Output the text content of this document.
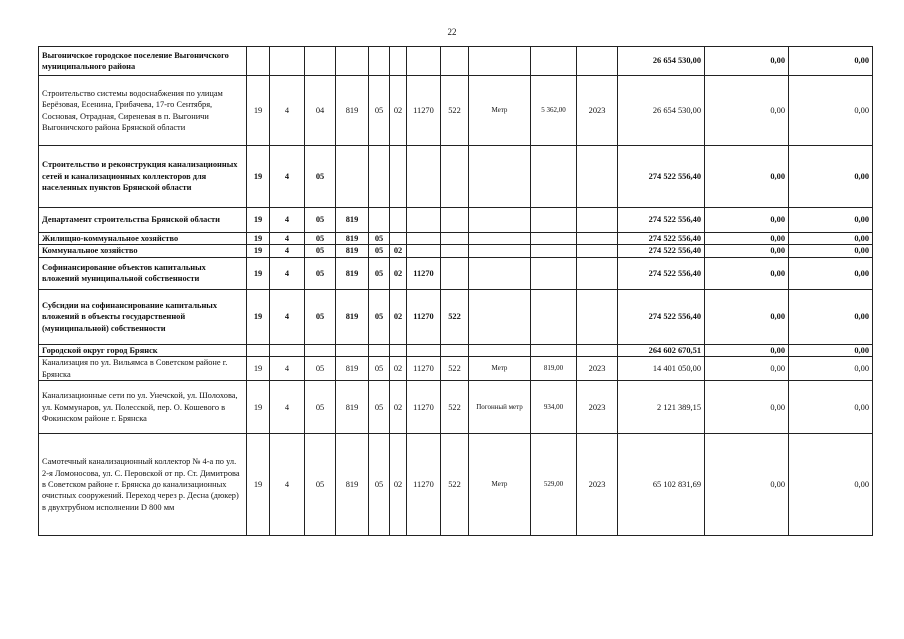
22
Выгоничское городское поселение Выгоничского муниципального района												26 654 530,00	0,00	0,00
Строительство системы водоснабжения по улицам Берёзовая, Есенина, Грибачева, 17-го Сентября, Сосновая, Отрадная, Сиреневая в п. Выгоничи Выгоничского района Брянской области	19	4	04	819	05	02	11270	522	Метр	5 362,00	2023	26 654 530,00	0,00	0,00
Строительство и реконструкция канализационных сетей и канализационных коллекторов для населенных пунктов Брянской области	19	4	05									274 522 556,40	0,00	0,00
Департамент строительства Брянской области	19	4	05	819								274 522 556,40	0,00	0,00
Жилищно-коммунальное хозяйство	19	4	05	819	05							274 522 556,40	0,00	0,00
Коммунальное хозяйство	19	4	05	819	05	02						274 522 556,40	0,00	0,00
Софинансирование объектов капитальных вложений муниципальной собственности	19	4	05	819	05	02	11270					274 522 556,40	0,00	0,00
Субсидии на софинансирование капитальных вложений в объекты государственной (муниципальной) собственности	19	4	05	819	05	02	11270	522				274 522 556,40	0,00	0,00
Городской округ город Брянск												264 602 670,51	0,00	0,00
Канализация по ул. Вильямса в Советском районе г. Брянска	19	4	05	819	05	02	11270	522	Метр	819,00	2023	14 401 050,00	0,00	0,00
Канализационные сети по ул. Унечской, ул. Шолохова, ул. Коммунаров, ул. Полесской, пер. О. Кошевого в Фокинском районе г. Брянска	19	4	05	819	05	02	11270	522	Погонный метр	934,00	2023	2 121 389,15	0,00	0,00
Самотечный канализационный коллектор № 4-а по ул. 2-я Ломоносова, ул. С. Перовской от пр. Ст. Димитрова в Советском районе г. Брянска до канализационных очистных сооружений. Переход через р. Десна (дюкер) в двухтрубном исполнении D 800 мм	19	4	05	819	05	02	11270	522	Метр	529,00	2023	65 102 831,69	0,00	0,00
